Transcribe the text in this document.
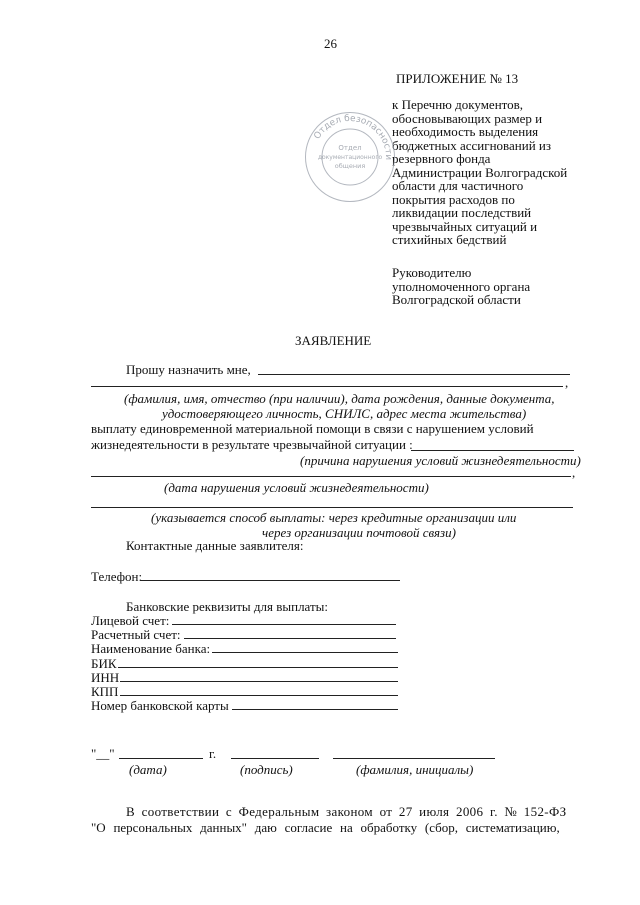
26
ПРИЛОЖЕНИЕ № 13
к Перечню документов,
обосновывающих размер и
необходимость выделения
бюджетных ассигнований из
резервного фонда
Администрации Волгоградской
области для частичного
покрытия расходов по
ликвидации последствий
чрезвычайных ситуаций и
стихийных бедствий
Отдел безопасности
Отдел
документационного
общения
Руководителю
уполномоченного органа
Волгоградской области
ЗАЯВЛЕНИЕ
Прошу назначить мне,
,
(фамилия, имя, отчество (при наличии), дата рождения, данные документа,
удостоверяющего личность, СНИЛС, адрес места жительства)
выплату единовременной материальной помощи в связи с нарушением условий
жизнедеятельности в результате чрезвычайной ситуации :
(причина нарушения условий жизнедеятельности)
,
(дата нарушения условий жизнедеятельности)
(указывается способ выплаты: через кредитные организации или
через организации почтовой связи)
Контактные данные заявлителя:
Телефон:
Банковские реквизиты для выплаты:
Лицевой счет:
Расчетный счет:
Наименование банка:
БИК
ИНН
КПП
Номер банковской карты
"__"	г.
(дата)	(подпись)	(фамилия, инициалы)
В соответствии с Федеральным законом от 27 июля 2006 г. № 152-ФЗ
"О персональных данных" даю согласие на обработку (сбор, систематизацию,
